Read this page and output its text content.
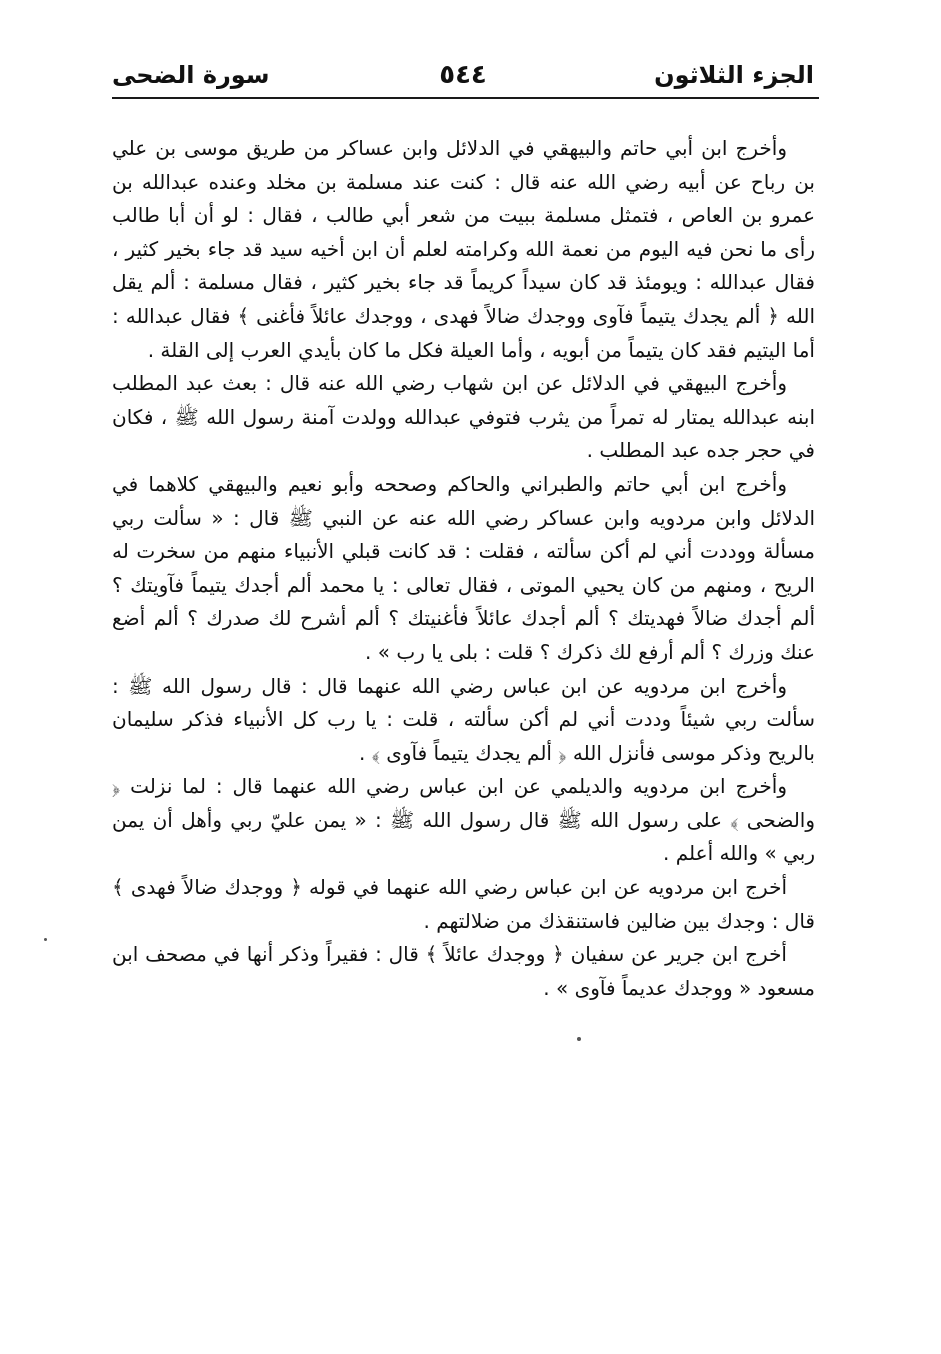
الجزء الثلاثون
٥٤٤
سورة الضحى

وأخرج ابن أبي حاتم والبيهقي في الدلائل وابن عساكر من طريق موسى بن علي بن رباح عن أبيه رضي الله عنه قال : كنت عند مسلمة بن مخلد وعنده عبدالله بن عمرو بن العاص ، فتمثل مسلمة ببيت من شعر أبي طالب ، فقال : لو أن أبا طالب رأى ما نحن فيه اليوم من نعمة الله وكرامته لعلم أن ابن أخيه سيد قد جاء بخير كثير ، فقال عبدالله : ويومئذ قد كان سيداً كريماً قد جاء بخير كثير ، فقال مسلمة : ألم يقل الله ﴿ ألم يجدك يتيماً فآوى ووجدك ضالاً فهدى ، ووجدك عائلاً فأغنى ﴾ فقال عبدالله : أما اليتيم فقد كان يتيماً من أبويه ، وأما العيلة فكل ما كان بأيدي العرب إلى القلة .

وأخرج البيهقي في الدلائل عن ابن شهاب رضي الله عنه قال : بعث عبد المطلب ابنه عبدالله يمتار له تمراً من يثرب فتوفي عبدالله وولدت آمنة رسول الله ﷺ ، فكان في حجر جده عبد المطلب .

وأخرج ابن أبي حاتم والطبراني والحاكم وصححه وأبو نعيم والبيهقي كلاهما في الدلائل وابن مردويه وابن عساكر رضي الله عنه عن النبي ﷺ قال : « سألت ربي مسألة ووددت أني لم أكن سألته ، فقلت : قد كانت قبلي الأنبياء منهم من سخرت له الريح ، ومنهم من كان يحيي الموتى ، فقال تعالى : يا محمد ألم أجدك يتيماً فآويتك ؟ ألم أجدك ضالاً فهديتك ؟ ألم أجدك عائلاً فأغنيتك ؟ ألم أشرح لك صدرك ؟ ألم أضع عنك وزرك ؟ ألم أرفع لك ذكرك ؟ قلت : بلى يا رب » .

وأخرج ابن مردويه عن ابن عباس رضي الله عنهما قال : قال رسول الله ﷺ : سألت ربي شيئاً وددت أني لم أكن سألته ، قلت : يا رب كل الأنبياء فذكر سليمان بالريح وذكر موسى فأنزل الله ﴿ ألم يجدك يتيماً فآوى ﴾ .

وأخرج ابن مردويه والديلمي عن ابن عباس رضي الله عنهما قال : لما نزلت ﴿ والضحى ﴾ على رسول الله ﷺ قال رسول الله ﷺ : « يمن عليّ ربي وأهل أن يمن ربي » والله أعلم .

أخرج ابن مردويه عن ابن عباس رضي الله عنهما في قوله ﴿ ووجدك ضالاً فهدى ﴾ قال : وجدك بين ضالين فاستنقذك من ضلالتهم .

أخرج ابن جرير عن سفيان ﴿ ووجدك عائلاً ﴾ قال : فقيراً وذكر أنها في مصحف ابن مسعود « ووجدك عديماً فآوى » .
